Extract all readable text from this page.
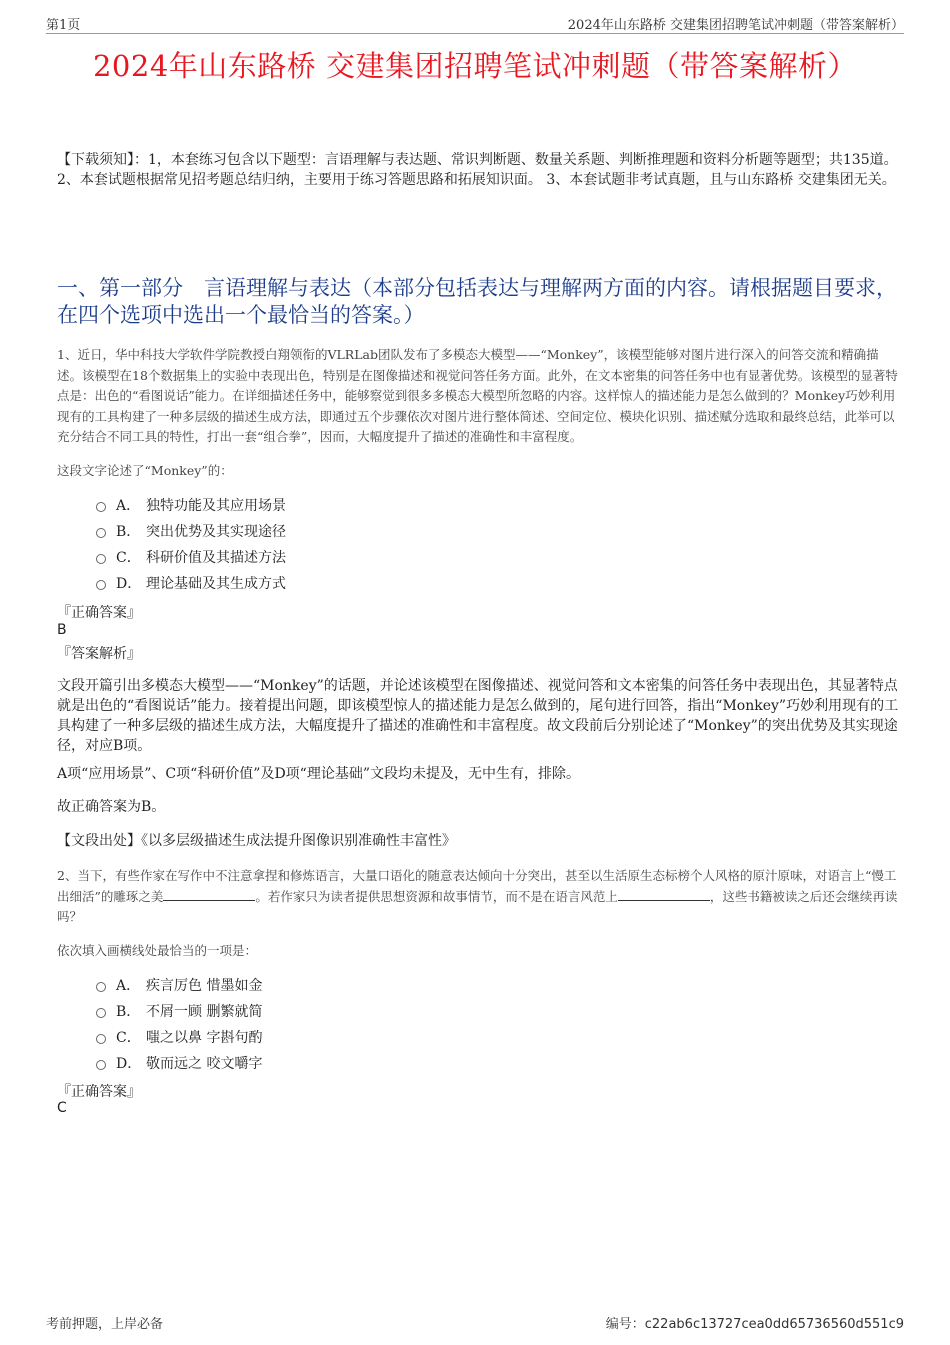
第1页	2024年山东路桥 交建集团招聘笔试冲刺题（带答案解析）
2024年山东路桥 交建集团招聘笔试冲刺题（带答案解析）
【下载须知】：1，本套练习包含以下题型：言语理解与表达题、常识判断题、数量关系题、判断推理题和资料分析题等题型；共135道。 2、本套试题根据常见招考题总结归纳，主要用于练习答题思路和拓展知识面。 3、本套试题非考试真题，且与山东路桥 交建集团无关。
一、第一部分　言语理解与表达（本部分包括表达与理解两方面的内容。请根据题目要求，在四个选项中选出一个最恰当的答案。）
1、近日，华中科技大学软件学院教授白翔领衔的VLRLab团队发布了多模态大模型——“Monkey”，该模型能够对图片进行深入的问答交流和精确描述。该模型在18个数据集上的实验中表现出色，特别是在图像描述和视觉问答任务方面。此外，在文本密集的问答任务中也有显著优势。该模型的显著特点是：出色的“看图说话”能力。在详细描述任务中，能够察觉到很多多模态大模型所忽略的内容。这样惊人的描述能力是怎么做到的？Monkey巧妙利用现有的工具构建了一种多层级的描述生成方法，即通过五个步骤依次对图片进行整体简述、空间定位、模块化识别、描述赋分选取和最终总结，此举可以充分结合不同工具的特性，打出一套“组合拳”，因而，大幅度提升了描述的准确性和丰富程度。
这段文字论述了“Monkey”的：
A． 独特功能及其应用场景
B． 突出优势及其实现途径
C． 科研价值及其描述方法
D． 理论基础及其生成方式
『正确答案』
B
『答案解析』
文段开篇引出多模态大模型——“Monkey”的话题，并论述该模型在图像描述、视觉问答和文本密集的问答任务中表现出色，其显著特点就是出色的“看图说话”能力。接着提出问题，即该模型惊人的描述能力是怎么做到的，尾句进行回答，指出“Monkey”巧妙利用现有的工具构建了一种多层级的描述生成方法，大幅度提升了描述的准确性和丰富程度。故文段前后分别论述了“Monkey”的突出优势及其实现途径，对应B项。
A项“应用场景”、C项“科研价值”及D项“理论基础”文段均未提及，无中生有，排除。
故正确答案为B。
【文段出处】《以多层级描述生成法提升图像识别准确性丰富性》
2、当下，有些作家在写作中不注意拿捏和修炼语言，大量口语化的随意表达倾向十分突出，甚至以生活原生态标榜个人风格的原汁原味，对语言上“慢工出细活”的雕琢之美	。若作家只为读者提供思想资源和故事情节，而不是在语言风范上	，这些书籍被读之后还会继续再读吗？
依次填入画横线处最恰当的一项是：
A． 疾言厉色 惜墨如金
B． 不屑一顾 删繁就简
C． 嗤之以鼻 字斟句酌
D． 敬而远之 咬文嚼字
『正确答案』
C
考前押题，上岸必备	编号：c22ab6c13727cea0dd65736560d551c9
